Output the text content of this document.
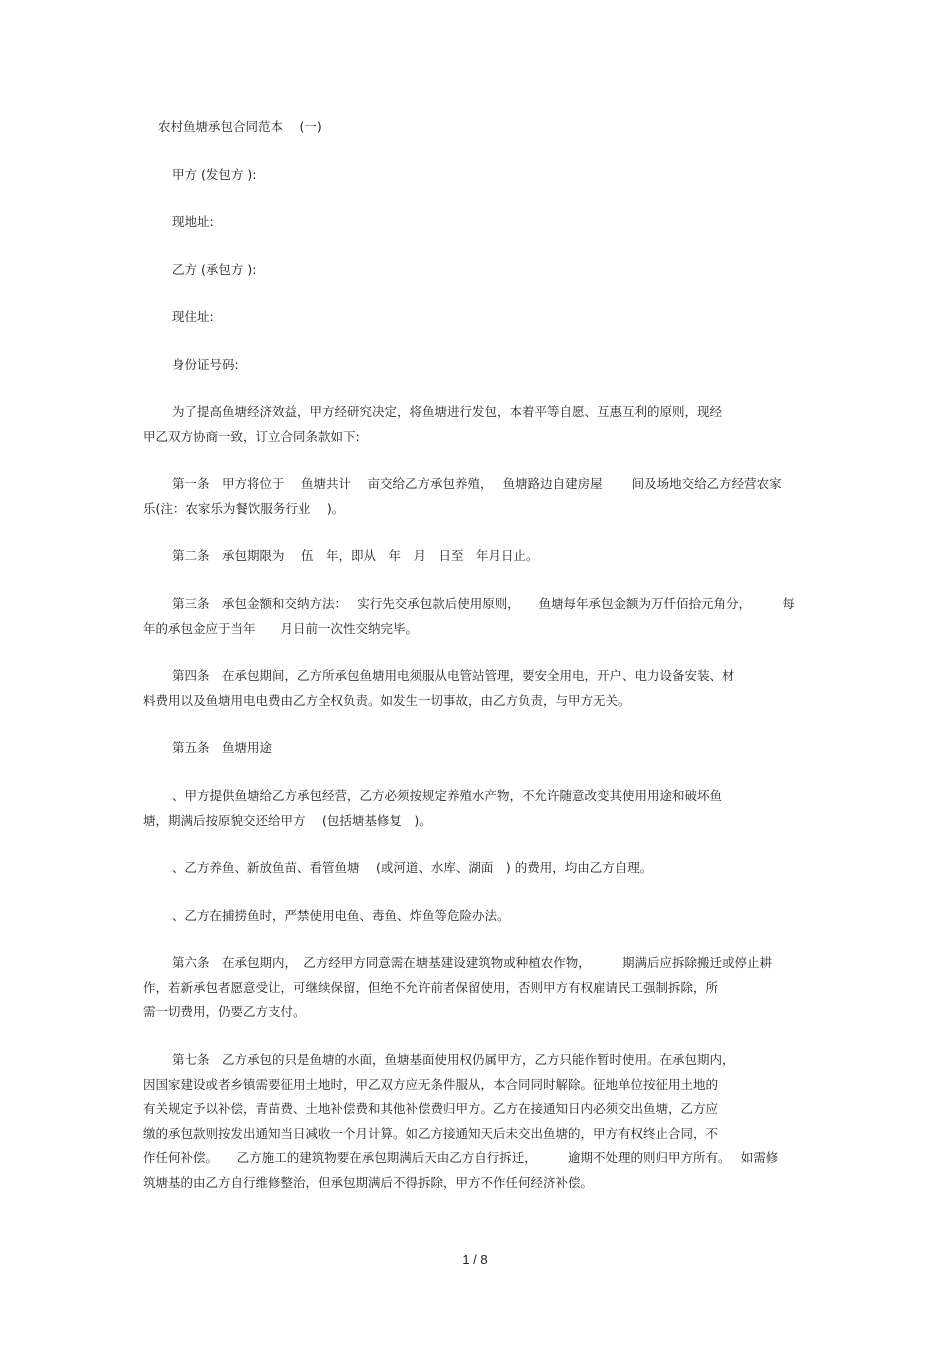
农村鱼塘承包合同范本　 (一)
甲方 (发包方 ):
现地址:
乙方 (承包方 ):
现住址:
身份证号码:
为了提高鱼塘经济效益，甲方经研究决定，将鱼塘进行发包，本着平等自愿、互惠互利的原则，现经
甲乙双方协商一致，订立合同条款如下:
第一条　甲方将位于　 鱼塘共计 　亩交给乙方承包养殖，　 鱼塘路边自建房屋 　　间及场地交给乙方经营农家
乐(注：农家乐为餐饮服务行业　 )。
第二条　承包期限为　 伍　年，即从　年　月　日至　年月日止。
第三条　承包金额和交纳方法：　 实行先交承包款后使用原则，　　鱼塘每年承包金额为万仟佰拾元角分，　　　每
年的承包金应于当年　　月日前一次性交纳完毕。
第四条　在承包期间，乙方所承包鱼塘用电须服从电管站管理，要安全用电，开户、电力设备安装、材
料费用以及鱼塘用电电费由乙方全权负责。如发生一切事故，由乙方负责，与甲方无关。
第五条　鱼塘用途
、甲方提供鱼塘给乙方承包经营，乙方必须按规定养殖水产物，不允许随意改变其使用用途和破坏鱼
塘，期满后按原貌交还给甲方　 (包括塘基修复　)。
、乙方养鱼、新放鱼苗、看管鱼塘　 (或河道、水库、湖面　) 的费用，均由乙方自理。
、乙方在捕捞鱼时，严禁使用电鱼、毒鱼、炸鱼等危险办法。
第六条　在承包期内，　乙方经甲方同意需在塘基建设建筑物或种植农作物，　　　期满后应拆除搬迁或停止耕
作，若新承包者愿意受让，可继续保留，但绝不允许前者保留使用，否则甲方有权雇请民工强制拆除，所
需一切费用，仍要乙方支付。
第七条　乙方承包的只是鱼塘的水面，鱼塘基面使用权仍属甲方，乙方只能作暂时使用。在承包期内，
因国家建设或者乡镇需要征用土地时，甲乙双方应无条件服从，本合同同时解除。征地单位按征用土地的
有关规定予以补偿，青苗费、土地补偿费和其他补偿费归甲方。乙方在接通知日内必须交出鱼塘，乙方应
缴的承包款则按发出通知当日减收一个月计算。如乙方接通知天后未交出鱼塘的，甲方有权终止合同，不
作任何补偿。　　乙方施工的建筑物要在承包期满后天由乙方自行拆迁，　　　逾期不处理的则归甲方所有。　 如需修
筑塘基的由乙方自行维修整治，但承包期满后不得拆除，甲方不作任何经济补偿。
1 / 8
